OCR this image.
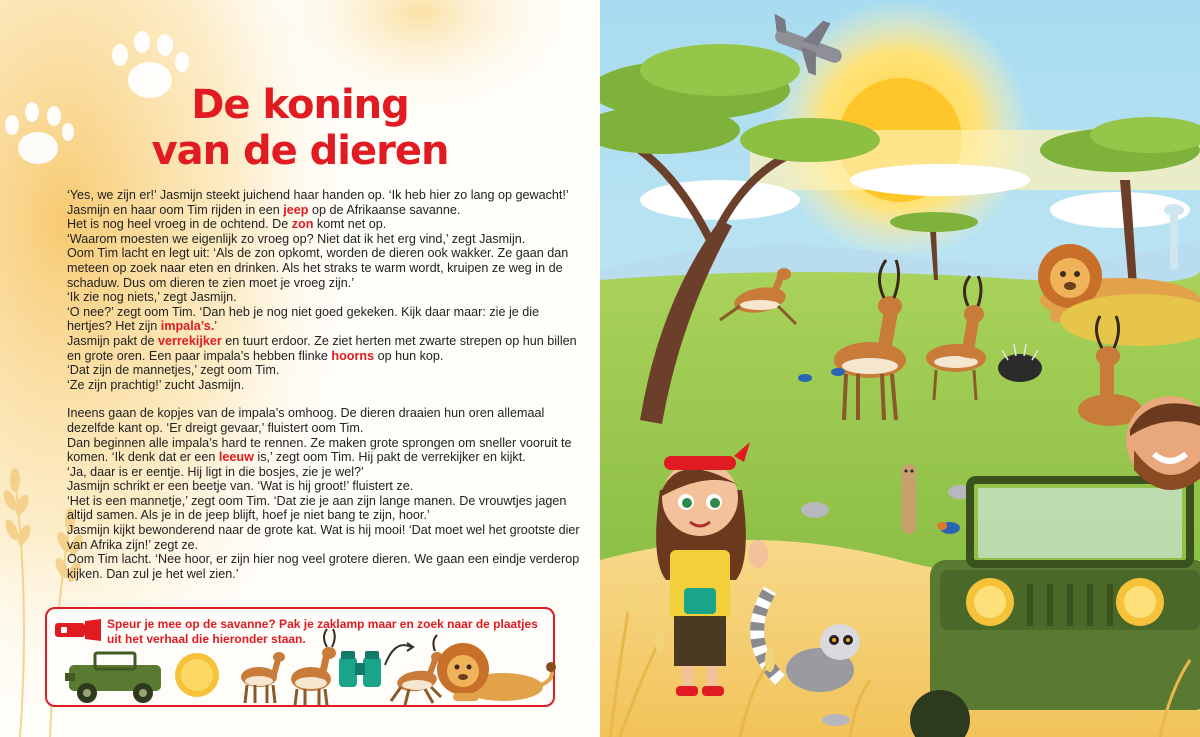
De koning
van de dieren

‘Yes, we zijn er!’ Jasmijn steekt juichend haar handen op. ‘Ik heb hier zo lang op gewacht!’

Jasmijn en haar oom Tim rijden in een jeep op de Afrikaanse savanne.

Het is nog heel vroeg in de ochtend. De zon komt net op.

‘Waarom moesten we eigenlijk zo vroeg op? Niet dat ik het erg vind,’ zegt Jasmijn.

Oom Tim lacht en legt uit: ‘Als de zon opkomt, worden de dieren ook wakker. Ze gaan dan meteen op zoek naar eten en drinken. Als het straks te warm wordt, kruipen ze weg in de schaduw. Dus om dieren te zien moet je vroeg zijn.’

‘Ik zie nog niets,’ zegt Jasmijn.

‘O nee?’ zegt oom Tim. ‘Dan heb je nog niet goed gekeken. Kijk daar maar: zie je die hertjes? Het zijn impala’s.’

Jasmijn pakt de verrekijker en tuurt erdoor. Ze ziet herten met zwarte strepen op hun billen en grote oren. Een paar impala’s hebben flinke hoorns op hun kop.

‘Dat zijn de mannetjes,’ zegt oom Tim.

‘Ze zijn prachtig!’ zucht Jasmijn.

Ineens gaan de kopjes van de impala’s omhoog. De dieren draaien hun oren allemaal dezelfde kant op. ‘Er dreigt gevaar,’ fluistert oom Tim.

Dan beginnen alle impala’s hard te rennen. Ze maken grote sprongen om sneller vooruit te komen. ‘Ik denk dat er een leeuw is,’ zegt oom Tim. Hij pakt de verrekijker en kijkt.

‘Ja, daar is er eentje. Hij ligt in die bosjes, zie je wel?’

Jasmijn schrikt er een beetje van. ‘Wat is hij groot!’ fluistert ze.

‘Het is een mannetje,’ zegt oom Tim. ‘Dat zie je aan zijn lange manen. De vrouwtjes jagen altijd samen. Als je in de jeep blijft, hoef je niet bang te zijn, hoor.’

Jasmijn kijkt bewonderend naar de grote kat. Wat is hij mooi! ‘Dat moet wel het grootste dier van Afrika zijn!’ zegt ze.

Oom Tim lacht. ‘Nee hoor, er zijn hier nog veel grotere dieren. We gaan een eindje verderop kijken. Dan zul je het wel zien.’

Speur je mee op de savanne? Pak je zaklamp maar en zoek naar de plaatjes uit het verhaal die hieronder staan.
